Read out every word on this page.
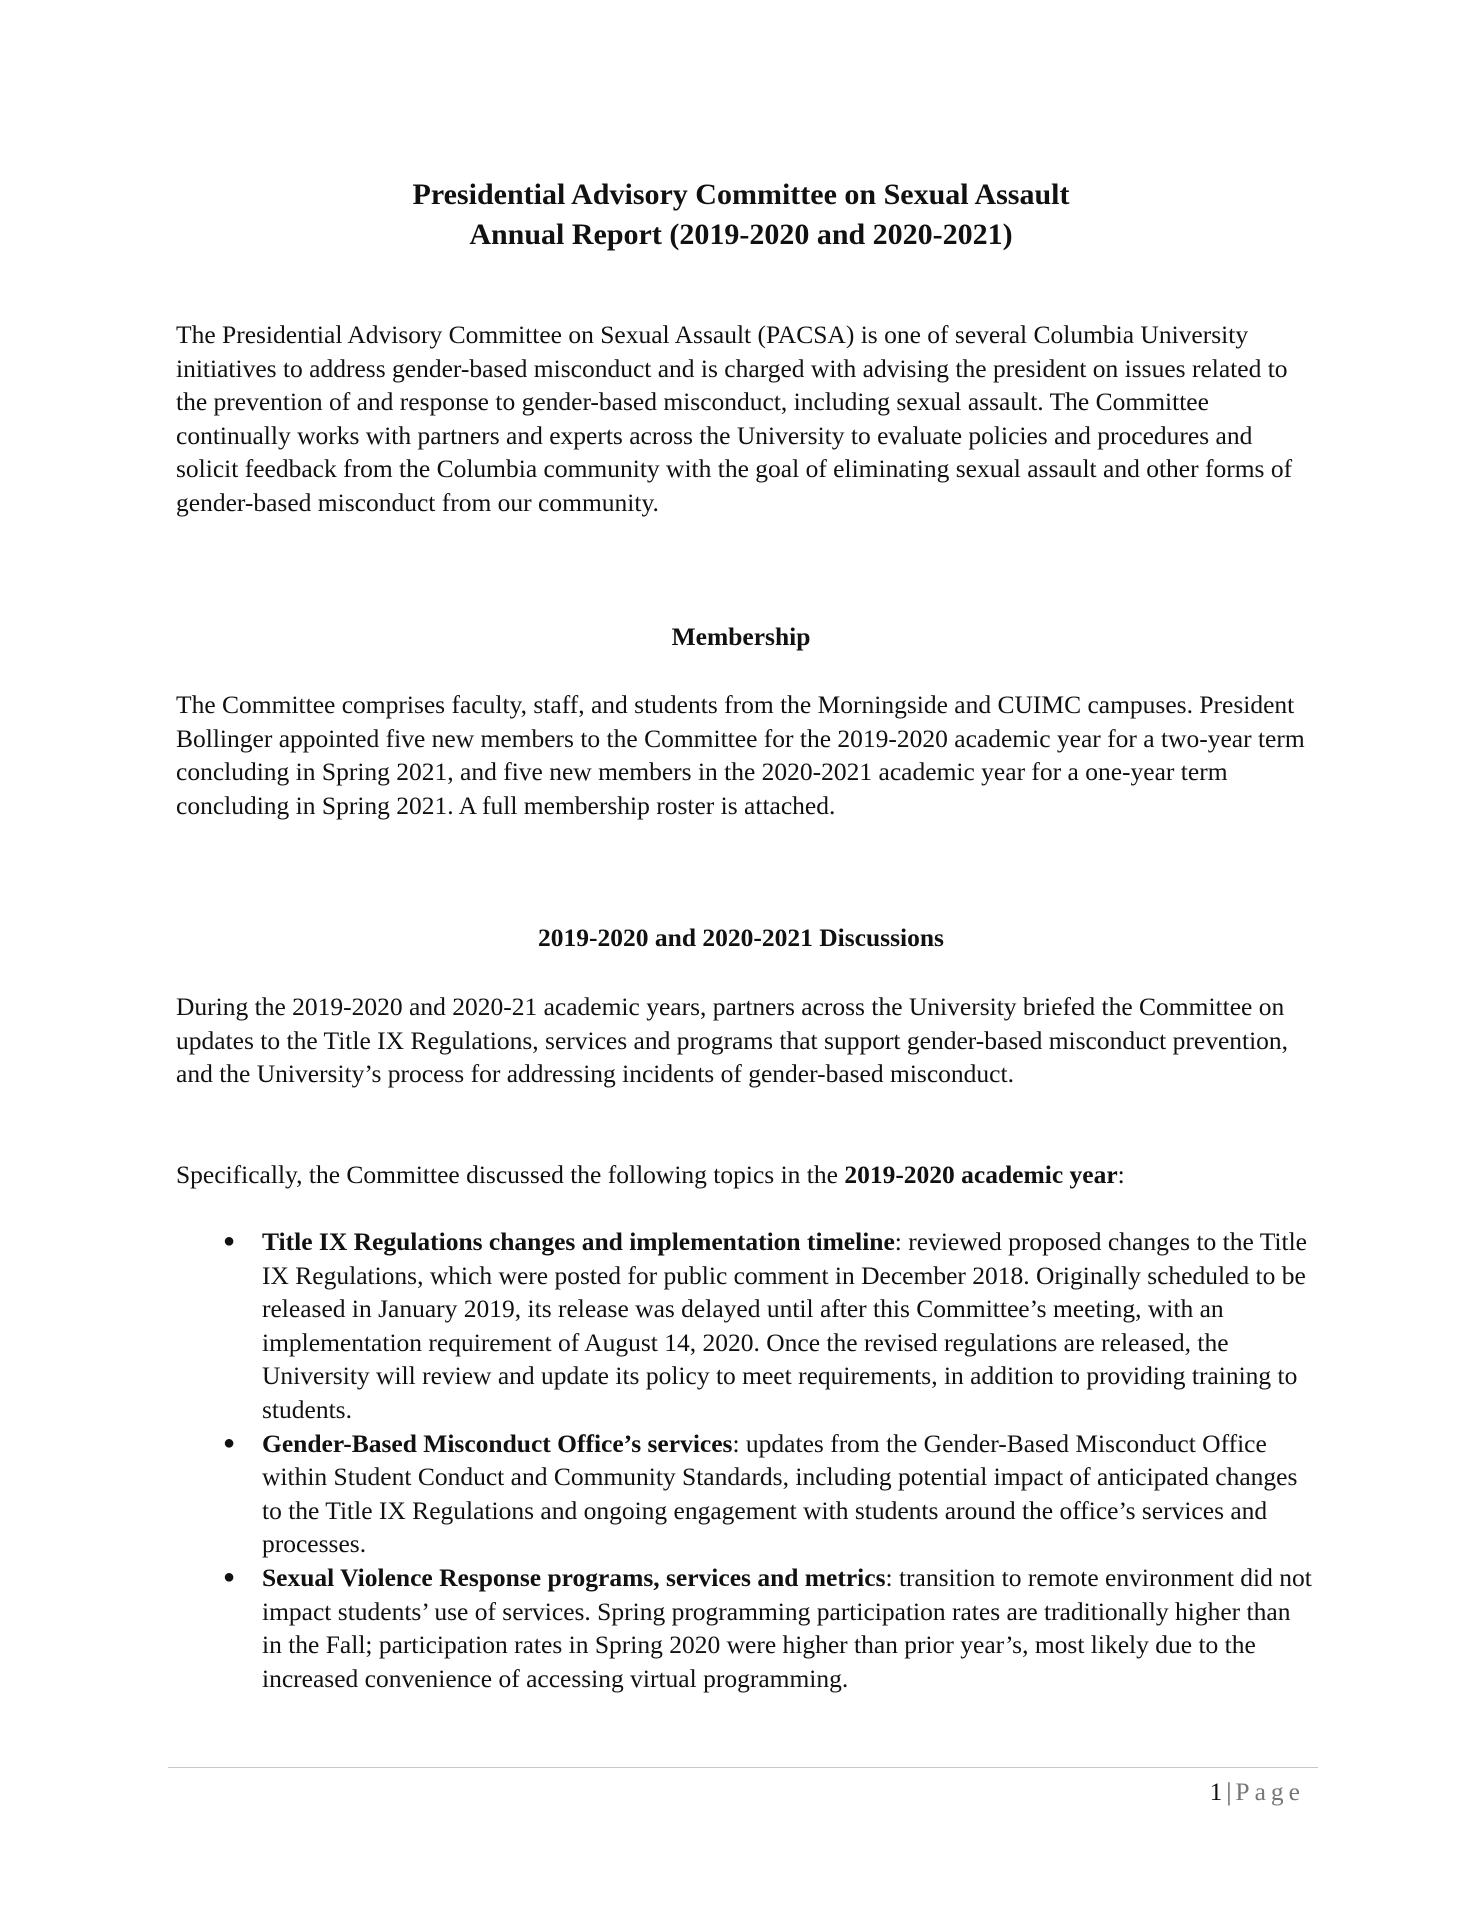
Presidential Advisory Committee on Sexual Assault
Annual Report (2019-2020 and 2020-2021)

The Presidential Advisory Committee on Sexual Assault (PACSA) is one of several Columbia University initiatives to address gender-based misconduct and is charged with advising the president on issues related to the prevention of and response to gender-based misconduct, including sexual assault. The Committee continually works with partners and experts across the University to evaluate policies and procedures and solicit feedback from the Columbia community with the goal of eliminating sexual assault and other forms of gender-based misconduct from our community.

Membership

The Committee comprises faculty, staff, and students from the Morningside and CUIMC campuses. President Bollinger appointed five new members to the Committee for the 2019-2020 academic year for a two-year term concluding in Spring 2021, and five new members in the 2020-2021 academic year for a one-year term concluding in Spring 2021. A full membership roster is attached.

2019-2020 and 2020-2021 Discussions

During the 2019-2020 and 2020-21 academic years, partners across the University briefed the Committee on updates to the Title IX Regulations, services and programs that support gender-based misconduct prevention, and the University’s process for addressing incidents of gender-based misconduct.

Specifically, the Committee discussed the following topics in the 2019-2020 academic year:

● Title IX Regulations changes and implementation timeline: reviewed proposed changes to the Title IX Regulations, which were posted for public comment in December 2018. Originally scheduled to be released in January 2019, its release was delayed until after this Committee’s meeting, with an implementation requirement of August 14, 2020. Once the revised regulations are released, the University will review and update its policy to meet requirements, in addition to providing training to students.
● Gender-Based Misconduct Office’s services: updates from the Gender-Based Misconduct Office within Student Conduct and Community Standards, including potential impact of anticipated changes to the Title IX Regulations and ongoing engagement with students around the office’s services and processes.
● Sexual Violence Response programs, services and metrics: transition to remote environment did not impact students’ use of services. Spring programming participation rates are traditionally higher than in the Fall; participation rates in Spring 2020 were higher than prior year’s, most likely due to the increased convenience of accessing virtual programming.
1 | Page
